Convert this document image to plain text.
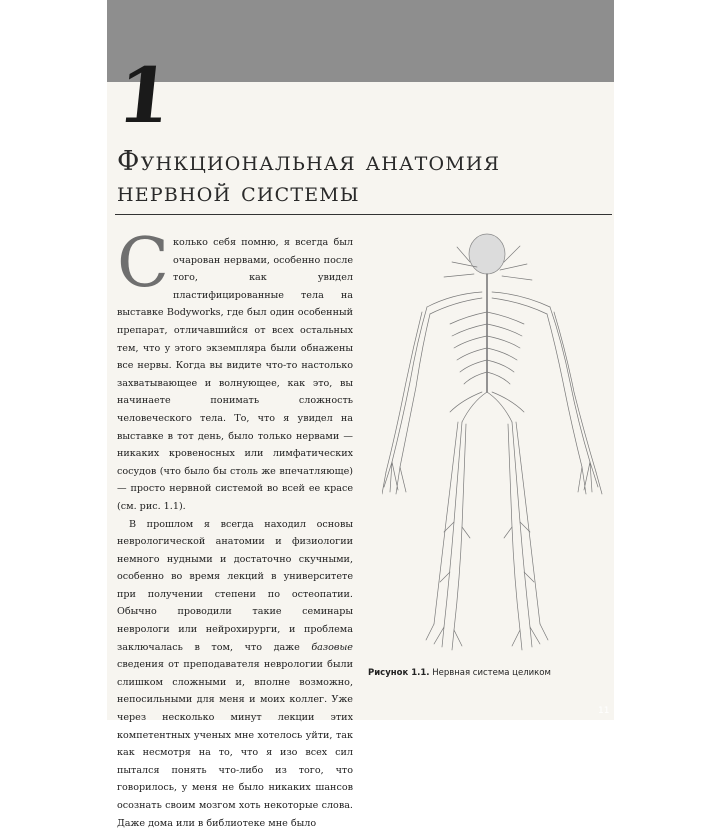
1
Функциональная анатомия
нервной системы

Сколько себя помню, я всегда был очарован нервами, особенно после того, как увидел пластифицированные тела на выставке Bodyworks, где был один особенный препарат, отличавшийся от всех остальных тем, что у этого экземпляра были обнажены все нервы. Когда вы видите что-то настолько захватывающее и волнующее, как это, вы начинаете понимать сложность человеческого тела. То, что я увидел на выставке в тот день, было только нервами — никаких кровеносных или лимфатических сосудов (что было бы столь же впечатляюще) — просто нервной системой во всей ее красе (см. рис. 1.1).

В прошлом я всегда находил основы неврологической анатомии и физиологии немного нудными и достаточно скучными, особенно во время лекций в университете при получении степени по остеопатии. Обычно проводили такие семинары неврологи или нейрохирурги, и проблема заключалась в том, что даже базовые сведения от преподавателя неврологии были слишком сложными и, вполне возможно, непосильными для меня и моих коллег. Уже через несколько минут лекции этих компетентных ученых мне хотелось уйти, так как несмотря на то, что я изо всех сил пытался понять что-либо из того, что говорилось, у меня не было никаких шансов осознать своим мозгом хоть некоторые слова. Даже дома или в библиотеке мне было

Рисунок 1.1. Нервная система целиком
11
